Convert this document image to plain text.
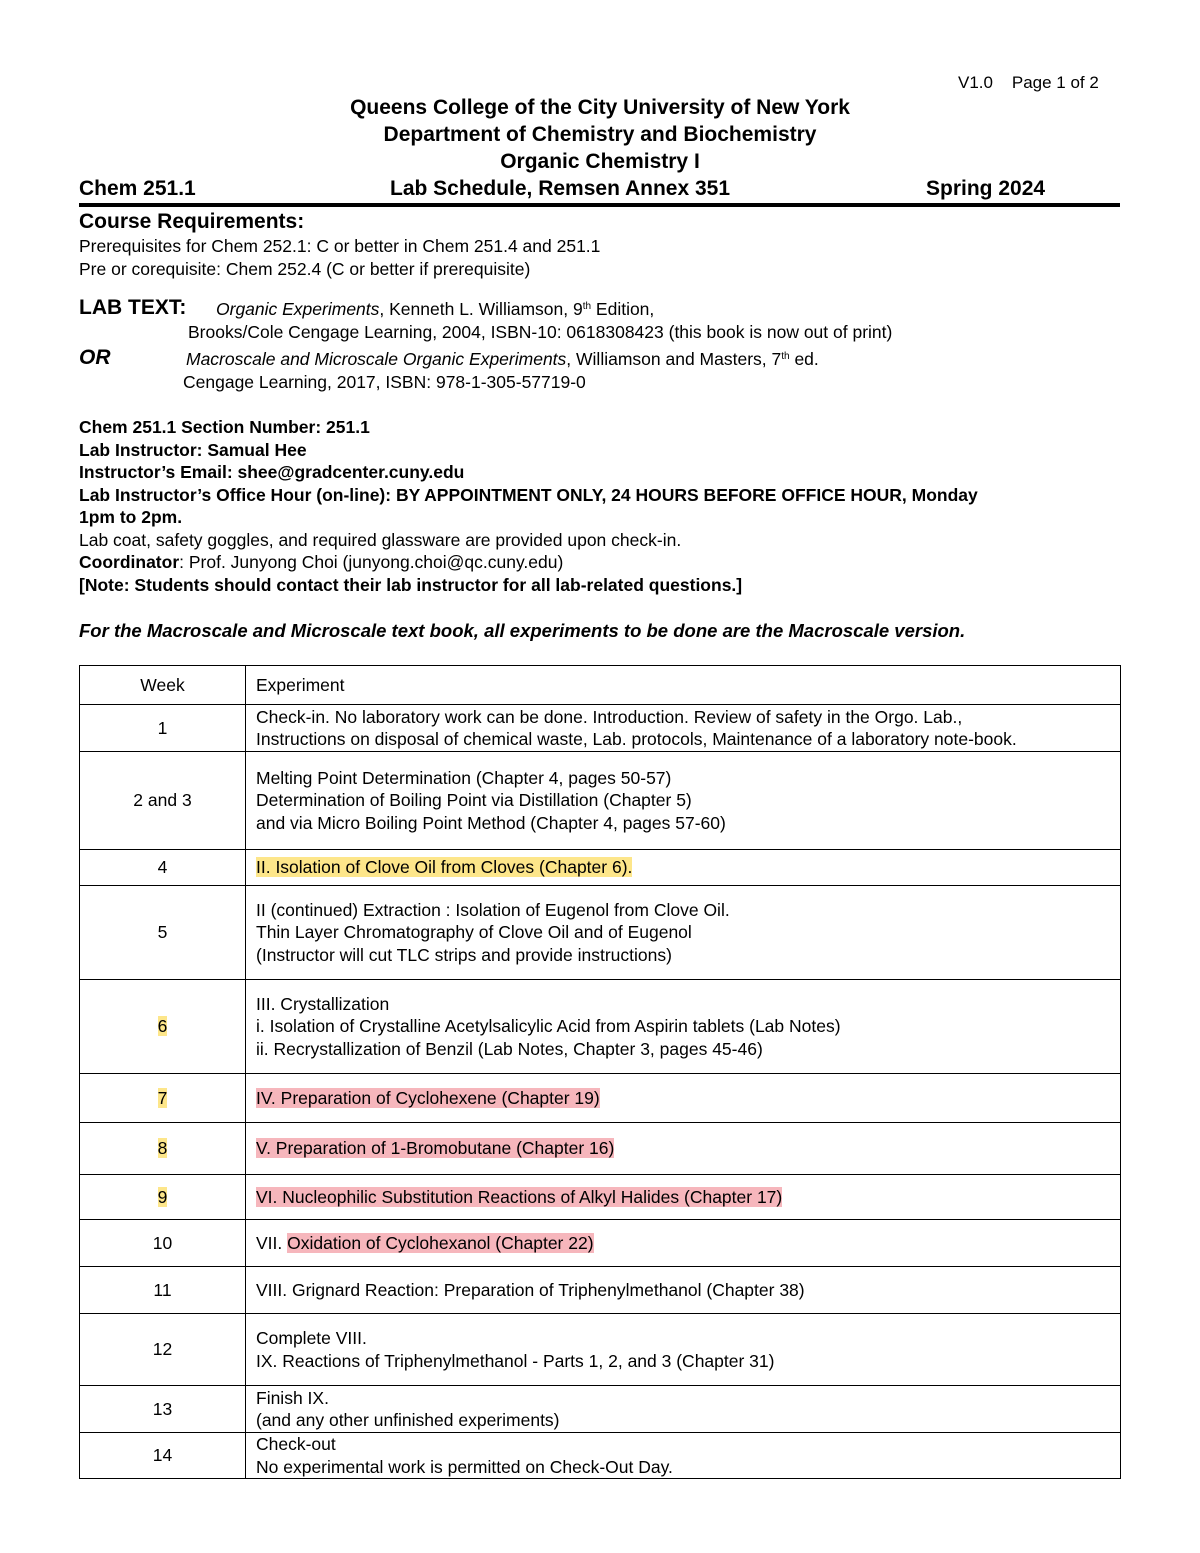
V1.0    Page 1 of 2
Queens College of the City University of New York
Department of Chemistry and Biochemistry
Organic Chemistry I
Chem 251.1	Lab Schedule, Remsen Annex 351	Spring 2024
Course Requirements:
Prerequisites for Chem 252.1: C or better in Chem 251.4 and 251.1
Pre or corequisite: Chem 252.4 (C or better if prerequisite)
LAB TEXT: Organic Experiments, Kenneth L. Williamson, 9th Edition,
Brooks/Cole Cengage Learning, 2004, ISBN-10: 0618308423 (this book is now out of print)
OR	Macroscale and Microscale Organic Experiments, Williamson and Masters, 7th ed.
Cengage Learning, 2017, ISBN: 978-1-305-57719-0
Chem 251.1 Section Number: 251.1
Lab Instructor: Samual Hee
Instructor’s Email: shee@gradcenter.cuny.edu
Lab Instructor’s Office Hour (on-line): BY APPOINTMENT ONLY, 24 HOURS BEFORE OFFICE HOUR, Monday
1pm to 2pm.
Lab coat, safety goggles, and required glassware are provided upon check-in.
Coordinator: Prof. Junyong Choi (junyong.choi@qc.cuny.edu)
[Note: Students should contact their lab instructor for all lab-related questions.]
For the Macroscale and Microscale text book, all experiments to be done are the Macroscale version.
Week	Experiment
1	Check-in. No laboratory work can be done. Introduction. Review of safety in the Orgo. Lab.,
Instructions on disposal of chemical waste, Lab. protocols, Maintenance of a laboratory note-book.

2 and 3	Melting Point Determination (Chapter 4, pages 50-57)
Determination of Boiling Point via Distillation (Chapter 5)
and via Micro Boiling Point Method (Chapter 4, pages 57-60)

4	II. Isolation of Clove Oil from Cloves (Chapter 6).
5	II (continued) Extraction : Isolation of Eugenol from Clove Oil.
Thin Layer Chromatography of Clove Oil and of Eugenol
(Instructor will cut TLC strips and provide instructions)

6	III. Crystallization
i. Isolation of Crystalline Acetylsalicylic Acid from Aspirin tablets (Lab Notes)
ii. Recrystallization of Benzil (Lab Notes, Chapter 3, pages 45-46)

7	IV. Preparation of Cyclohexene (Chapter 19)
8	V. Preparation of 1-Bromobutane (Chapter 16)
9	VI. Nucleophilic Substitution Reactions of Alkyl Halides (Chapter 17)
10	VII. Oxidation of Cyclohexanol (Chapter 22)
11	VIII. Grignard Reaction: Preparation of Triphenylmethanol (Chapter 38)
12	Complete VIII.
IX. Reactions of Triphenylmethanol - Parts 1, 2, and 3 (Chapter 31)

13	Finish IX.
(and any other unfinished experiments)

14	Check-out
No experimental work is permitted on Check-Out Day.
